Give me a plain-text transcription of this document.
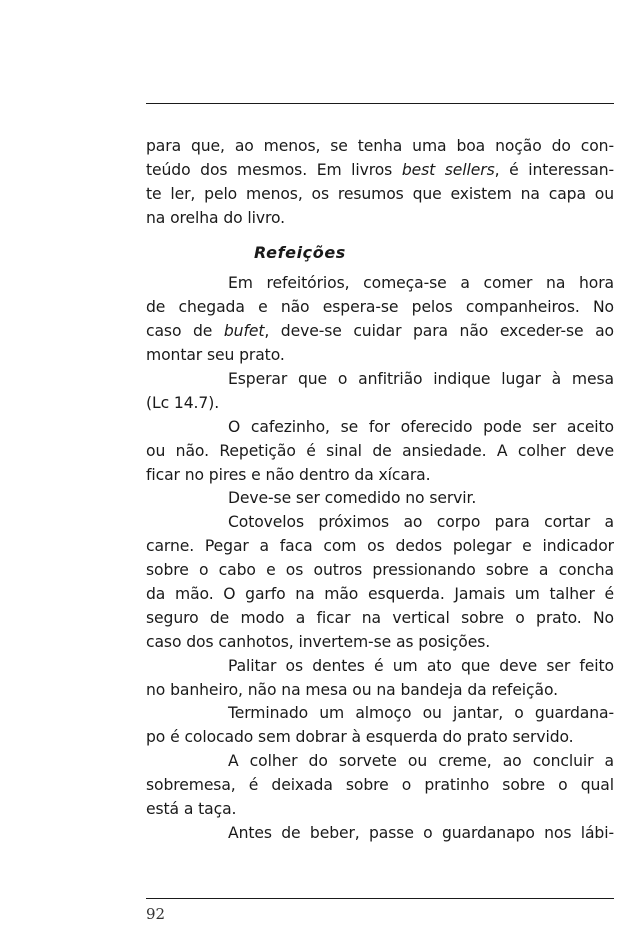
para que, ao menos, se tenha uma boa noção do con-
teúdo dos mesmos. Em livros best sellers, é interessan-
te ler, pelo menos, os resumos que existem na capa ou
na orelha do livro.
Refeições
Em refeitórios, começa-se a comer na hora
de chegada e não espera-se pelos companheiros. No
caso de bufet, deve-se cuidar para não exceder-se ao
montar seu prato.
Esperar que o anfitrião indique lugar à mesa
(Lc 14.7).
O cafezinho, se for oferecido pode ser aceito
ou não. Repetição é sinal de ansiedade. A colher deve
ficar no pires e não dentro da xícara.
Deve-se ser comedido no servir.
Cotovelos próximos ao corpo para cortar a
carne. Pegar a faca com os dedos polegar e indicador
sobre o cabo e os outros pressionando sobre a concha
da mão. O garfo na mão esquerda. Jamais um talher é
seguro de modo a ficar na vertical sobre o prato. No
caso dos canhotos, invertem-se as posições.
Palitar os dentes é um ato que deve ser feito
no banheiro, não na mesa ou na bandeja da refeição.
Terminado um almoço ou jantar, o guardana-
po é colocado sem dobrar à esquerda do prato servido.
A colher do sorvete ou creme, ao concluir a
sobremesa, é deixada sobre o pratinho sobre o qual
está a taça.
Antes de beber, passe o guardanapo nos lábi-
92
